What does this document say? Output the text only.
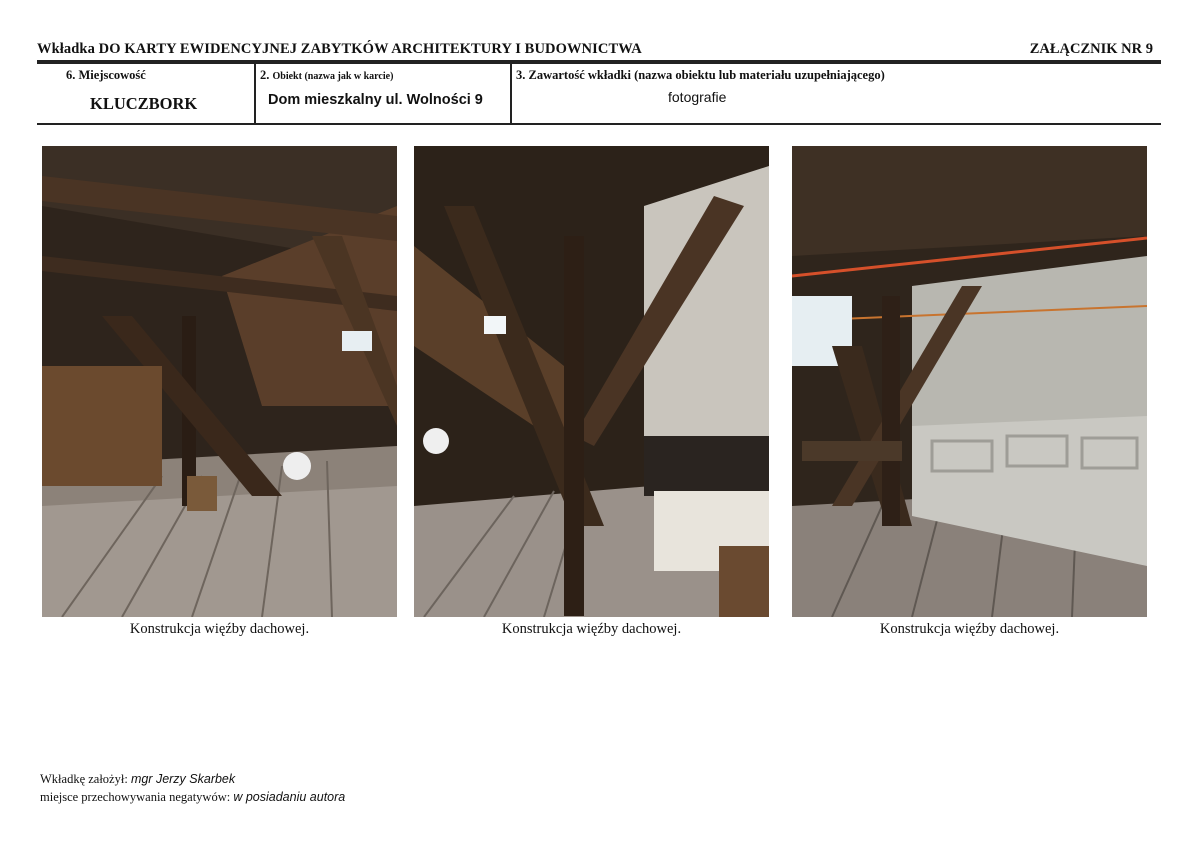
Wkładka DO KARTY EWIDENCYJNEJ ZABYTKÓW ARCHITEKTURY I BUDOWNICTWA	ZAŁĄCZNIK NR 9
6. Miejscowość
KLUCZBORK
2. Obiekt (nazwa jak w karcie)
Dom mieszkalny ul. Wolności 9
3. Zawartość wkładki (nazwa obiektu lub materiału uzupełniającego)
fotografie
Konstrukcja więźby dachowej.	Konstrukcja więźby dachowej.	Konstrukcja więźby dachowej.
Wkładkę założył: mgr Jerzy Skarbek
miejsce przechowywania negatywów: w posiadaniu autora
